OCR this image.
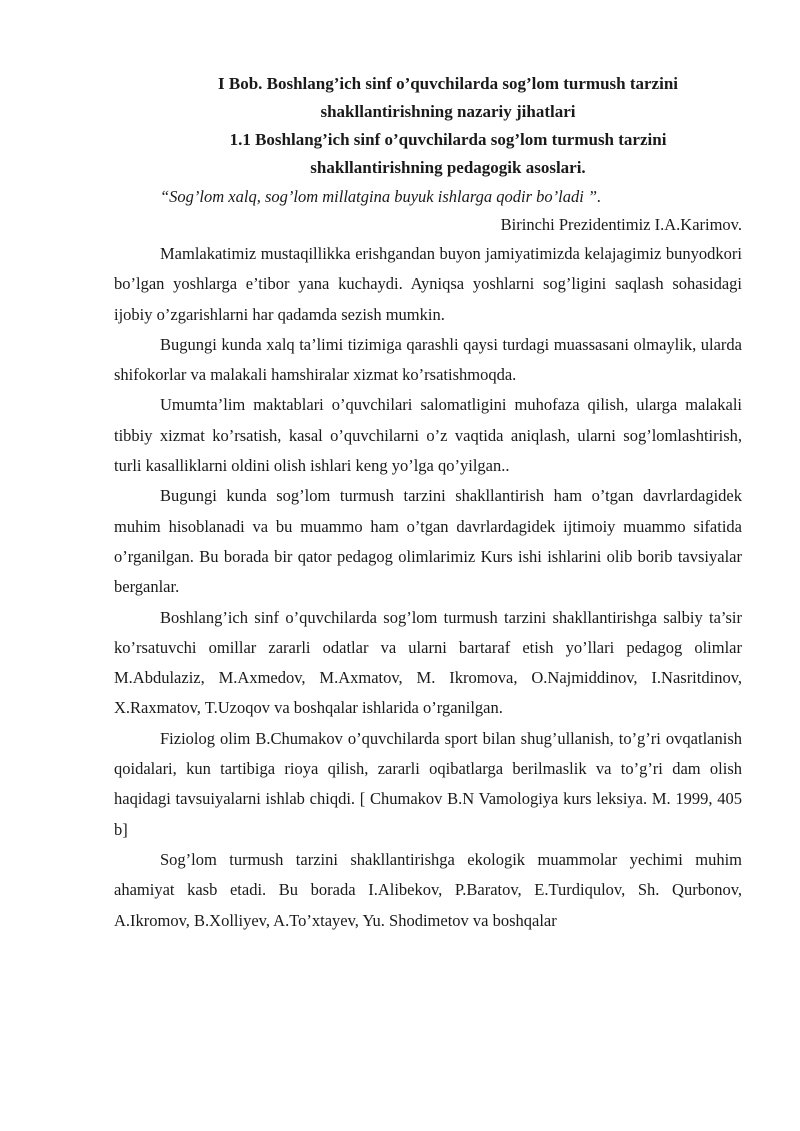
I Bob. Boshlang’ich sinf o’quvchilarda sog’lom turmush tarzini
shakllantirishning nazariy jihatlari

1.1 Boshlang’ich sinf o’quvchilarda sog’lom turmush tarzini
shakllantirishning pedagogik asoslari.

“Sog’lom xalq, sog’lom millatgina buyuk ishlarga qodir bo’ladi ”.

Birinchi Prezidentimiz I.A.Karimov.

Mamlakatimiz mustaqillikka erishgandan buyon jamiyatimizda kelajagimiz bunyodkori bo’lgan yoshlarga e’tibor yana kuchaydi. Ayniqsa yoshlarni sog’ligini saqlash sohasidagi ijobiy o’zgarishlarni har qadamda sezish mumkin.

Bugungi kunda xalq ta’limi tizimiga qarashli qaysi turdagi muassasani olmaylik, ularda shifokorlar va malakali hamshiralar xizmat ko’rsatishmoqda.

Umumta’lim maktablari o’quvchilari salomatligini muhofaza qilish, ularga malakali tibbiy xizmat ko’rsatish, kasal o’quvchilarni o’z vaqtida aniqlash, ularni sog’lomlashtirish, turli kasalliklarni oldini olish ishlari keng yo’lga qo’yilgan..

Bugungi kunda sog’lom turmush tarzini shakllantirish ham o’tgan davrlardagidek muhim hisoblanadi va bu muammo ham o’tgan davrlardagidek ijtimoiy muammo sifatida o’rganilgan. Bu borada bir qator pedagog olimlarimiz Kurs ishi ishlarini olib borib tavsiyalar berganlar.

Boshlang’ich sinf o’quvchilarda sog’lom turmush tarzini shakllantirishga salbiy ta’sir ko’rsatuvchi omillar zararli odatlar va ularni bartaraf etish yo’llari pedagog olimlar M.Abdulaziz, M.Axmedov, M.Axmatov, M. Ikromova, O.Najmiddinov, I.Nasritdinov, X.Raxmatov, T.Uzoqov va boshqalar ishlarida o’rganilgan.

Fiziolog olim B.Chumakov o’quvchilarda sport bilan shug’ullanish, to’g’ri ovqatlanish qoidalari, kun tartibiga rioya qilish, zararli oqibatlarga berilmaslik va to’g’ri dam olish haqidagi tavsuiyalarni ishlab chiqdi. [ Chumakov B.N Vamologiya kurs leksiya. M. 1999, 405 b]

Sog’lom turmush tarzini shakllantirishga ekologik muammolar yechimi muhim ahamiyat kasb etadi. Bu borada I.Alibekov, P.Baratov, E.Turdiqulov, Sh. Qurbonov, A.Ikromov, B.Xolliyev, A.To’xtayev, Yu. Shodimetov va boshqalar
